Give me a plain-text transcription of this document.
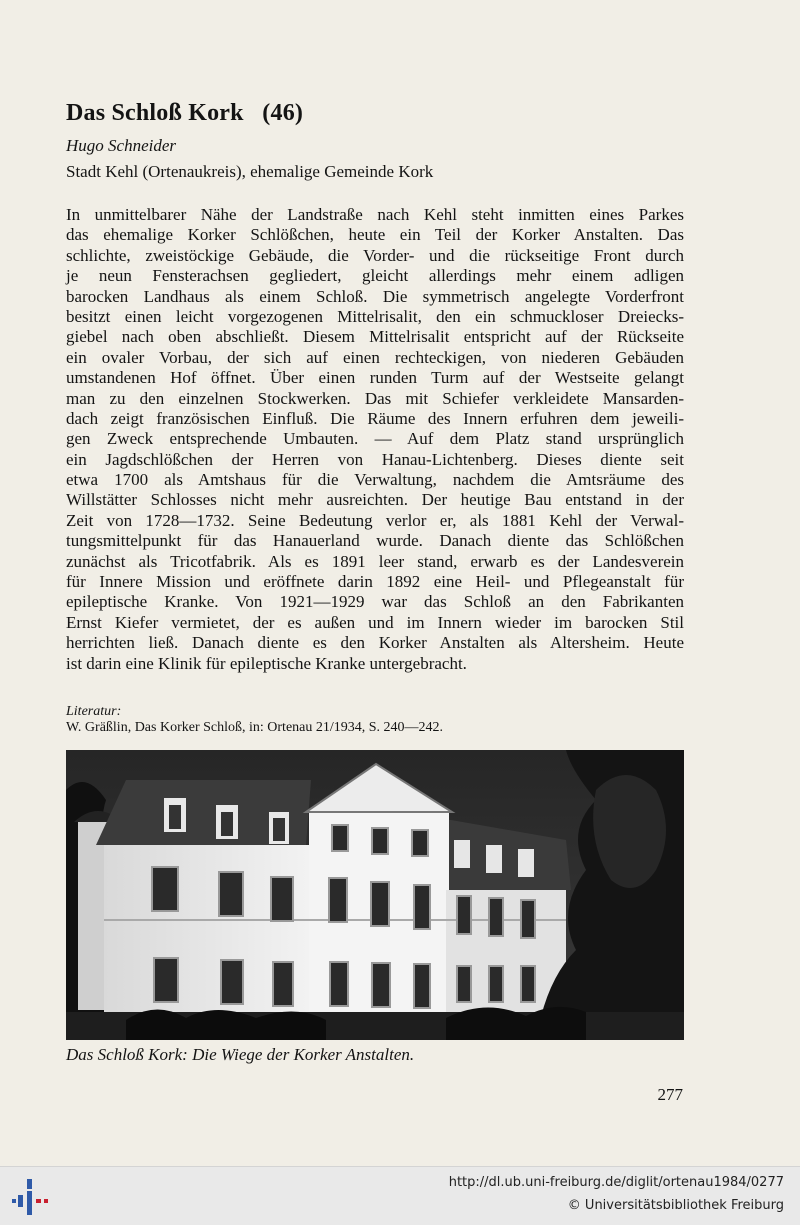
Das Schloß Kork   (46)

Hugo Schneider

Stadt Kehl (Ortenaukreis), ehemalige Gemeinde Kork

In unmittelbarer Nähe der Landstraße nach Kehl steht inmitten eines Parkes
das ehemalige Korker Schlößchen, heute ein Teil der Korker Anstalten. Das
schlichte, zweistöckige Gebäude, die Vorder- und die rückseitige Front durch
je neun Fensterachsen gegliedert, gleicht allerdings mehr einem adligen
barocken Landhaus als einem Schloß. Die symmetrisch angelegte Vorderfront
besitzt einen leicht vorgezogenen Mittelrisalit, den ein schmuckloser Dreiecks-
giebel nach oben abschließt. Diesem Mittelrisalit entspricht auf der Rückseite
ein ovaler Vorbau, der sich auf einen rechteckigen, von niederen Gebäuden
umstandenen Hof öffnet. Über einen runden Turm auf der Westseite gelangt
man zu den einzelnen Stockwerken. Das mit Schiefer verkleidete Mansarden-
dach zeigt französischen Einfluß. Die Räume des Innern erfuhren dem jeweili-
gen Zweck entsprechende Umbauten. — Auf dem Platz stand ursprünglich
ein Jagdschlößchen der Herren von Hanau-Lichtenberg. Dieses diente seit
etwa 1700 als Amtshaus für die Verwaltung, nachdem die Amtsräume des
Willstätter Schlosses nicht mehr ausreichten. Der heutige Bau entstand in der
Zeit von 1728—1732. Seine Bedeutung verlor er, als 1881 Kehl der Verwal-
tungsmittelpunkt für das Hanauerland wurde. Danach diente das Schlößchen
zunächst als Tricotfabrik. Als es 1891 leer stand, erwarb es der Landesverein
für Innere Mission und eröffnete darin 1892 eine Heil- und Pflegeanstalt für
epileptische Kranke. Von 1921—1929 war das Schloß an den Fabrikanten
Ernst Kiefer vermietet, der es außen und im Innern wieder im barocken Stil
herrichten ließ. Danach diente es den Korker Anstalten als Altersheim. Heute
ist darin eine Klinik für epileptische Kranke untergebracht.

Literatur:

W. Gräßlin, Das Korker Schloß, in: Ortenau 21/1934, S. 240—242.

Das Schloß Kork: Die Wiege der Korker Anstalten.

277

http://dl.ub.uni-freiburg.de/diglit/ortenau1984/0277
© Universitätsbibliothek Freiburg
